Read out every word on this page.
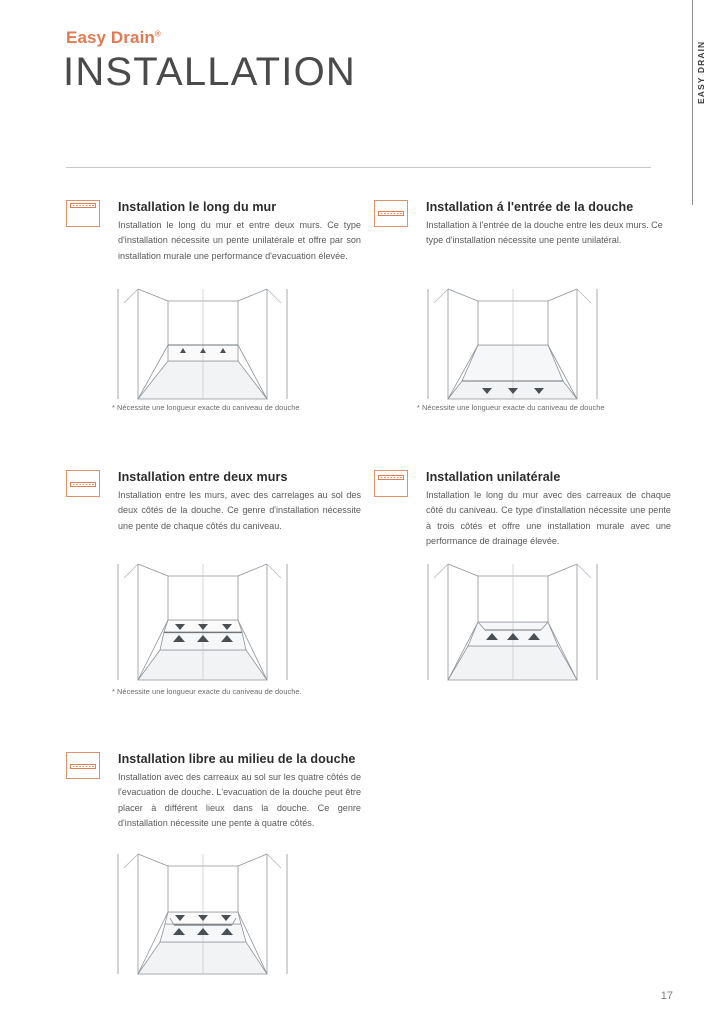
Easy Drain®
INSTALLATION	EASY DRAIN
Installation le long du mur
Installation le long du mur et entre deux murs. Ce type d'installation nécessite un pente unilatérale et offre par son installation murale une performance d'evacuation élevée.
* Nécessite une longueur exacte du caniveau de douche
Installation á l'entrée de la douche
Installation à l'entrée de la douche entre les deux murs. Ce type d'installation nécessite une pente unilatéral.
* Nécessite une longueur exacte du caniveau de douche
Installation entre deux murs
Installation entre les murs, avec des carrelages au sol des deux côtés de la douche. Ce genre d'installation nécessite une pente de chaque côtés du caniveau.
* Nécessite une longueur exacte du caniveau de douche.
Installation unilatérale
Installation le long du mur avec des carreaux de chaque côté du caniveau. Ce type d'installation nécessite une pente à trois côtés et offre une installation murale avec une performance de drainage élevée.
Installation libre au milieu de la douche
Installation avec des carreaux au sol sur les quatre côtés de l'evacuation de douche. L'evacuation de la douche peut être placer à différent lieux dans la douche. Ce genre d'installation nécessite une pente à quatre côtés.
17
